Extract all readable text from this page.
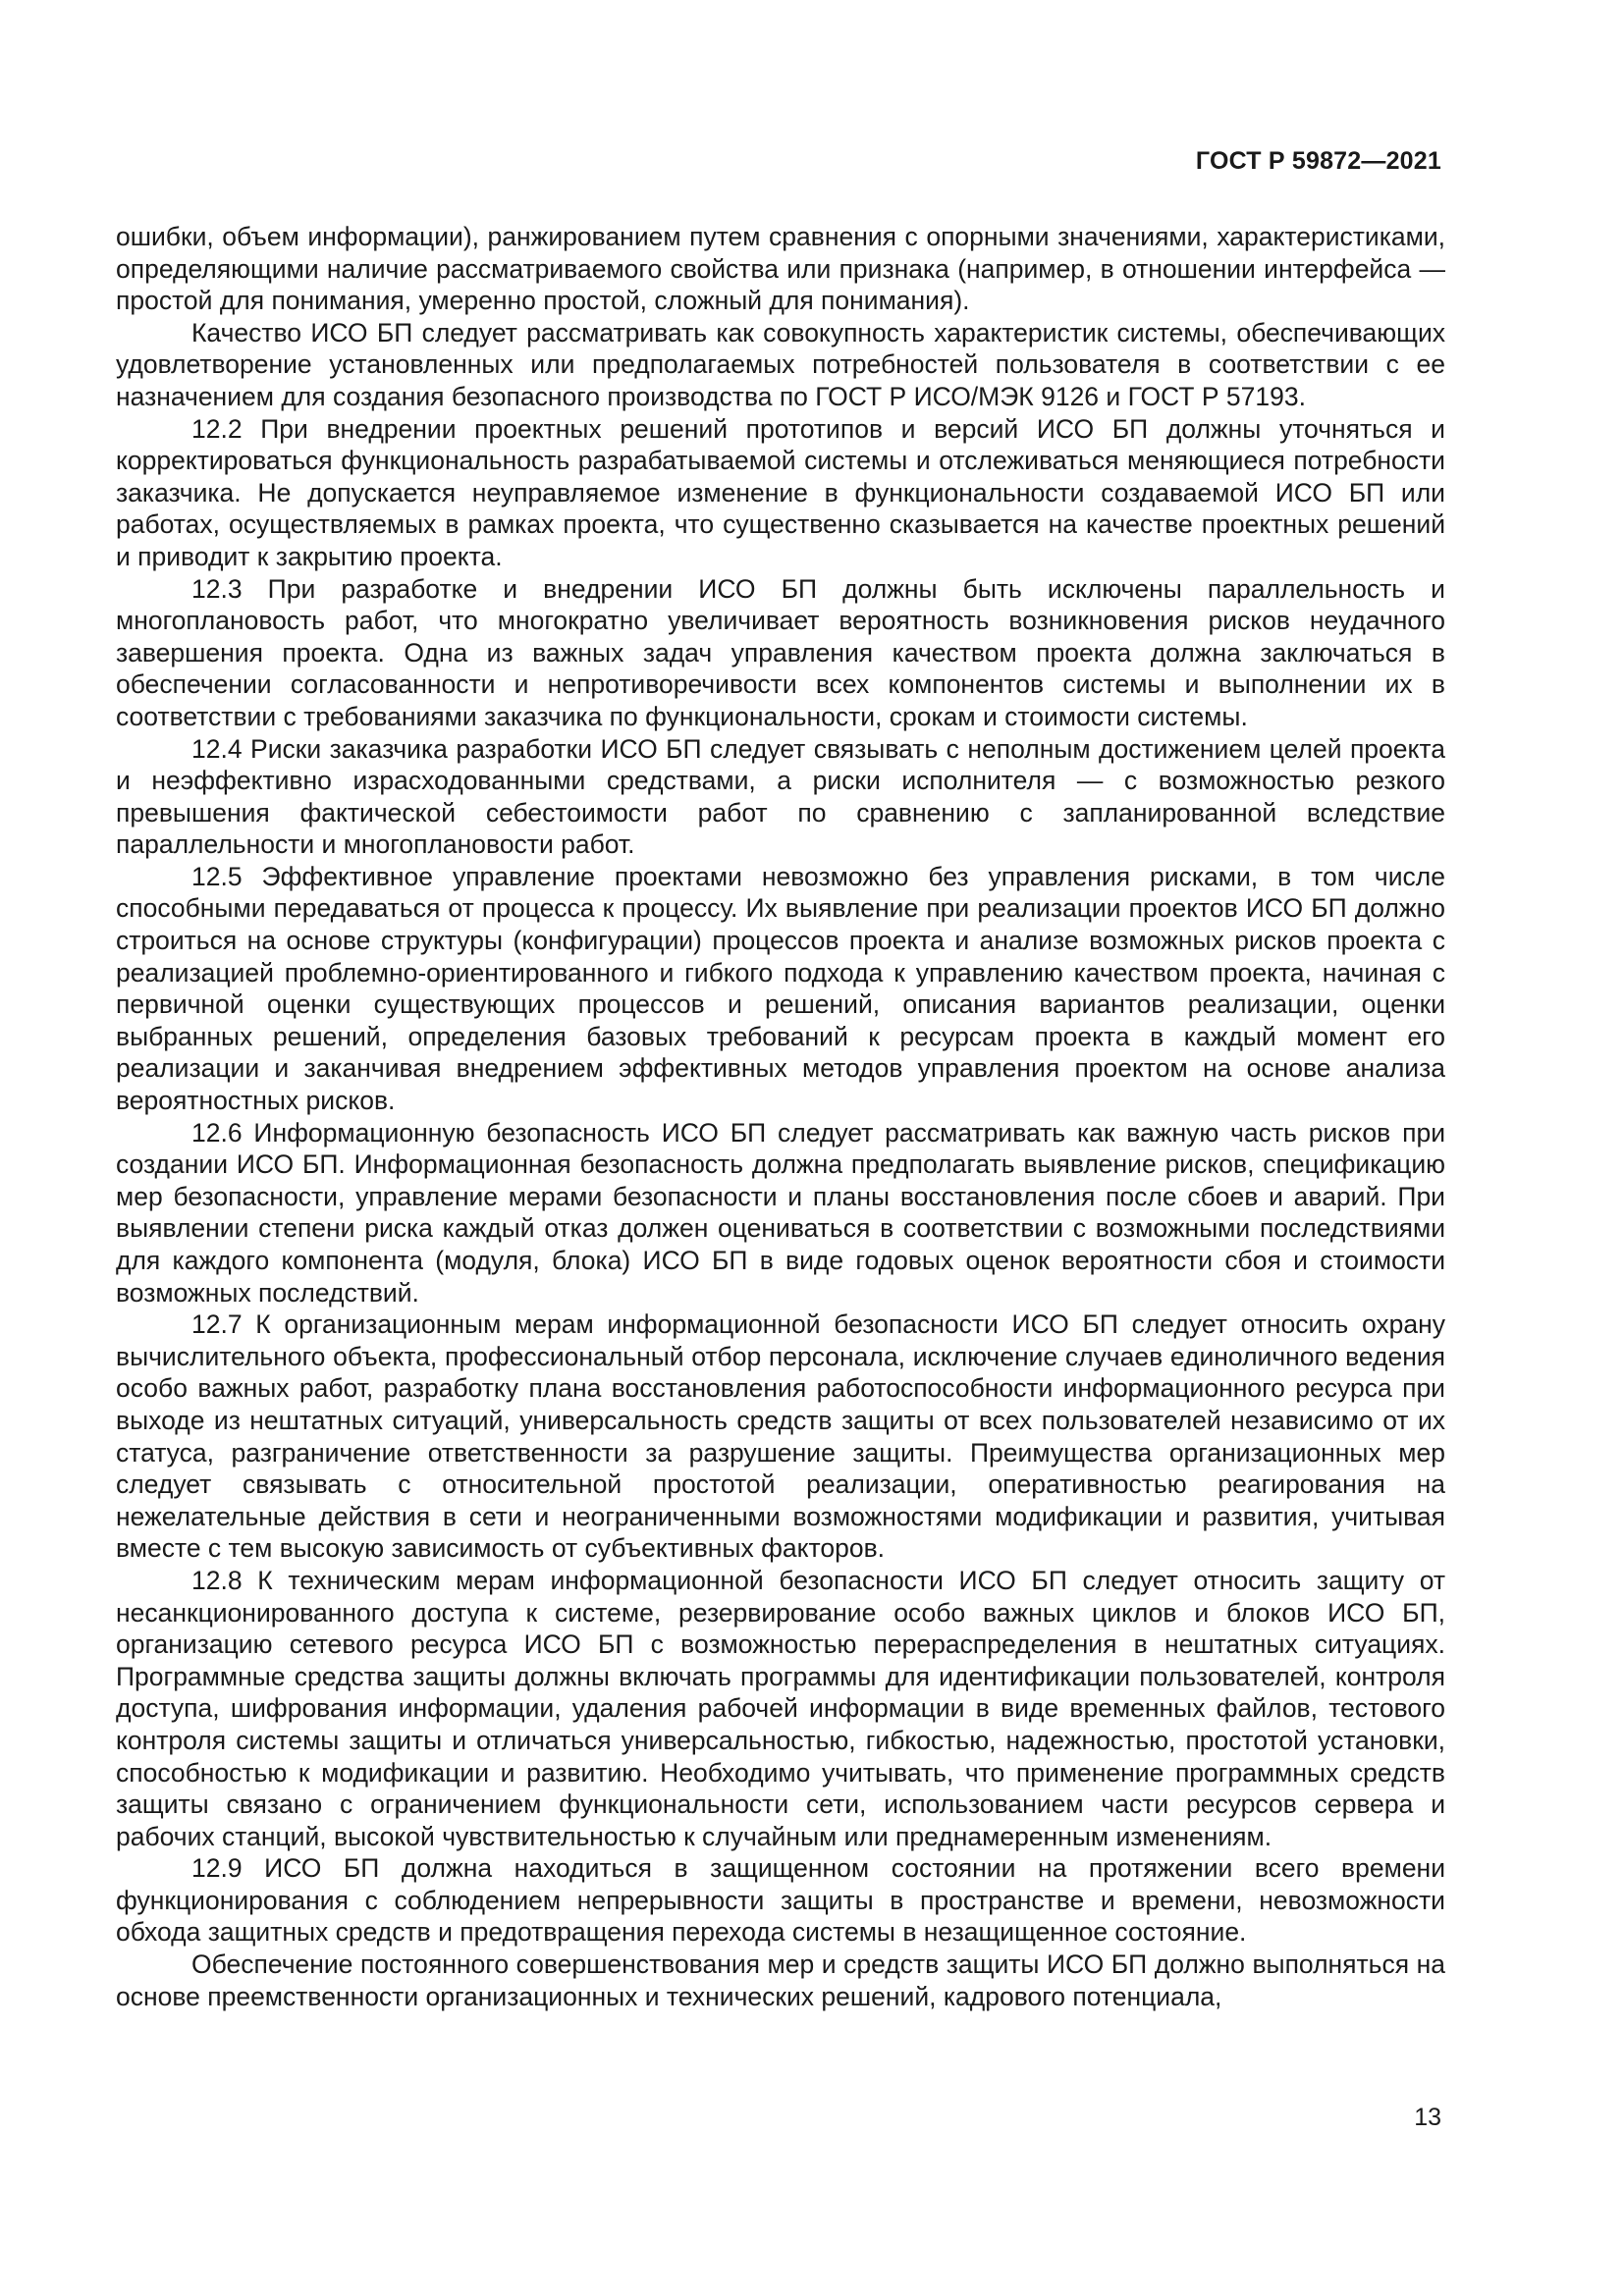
ГОСТ Р 59872—2021

ошибки, объем информации), ранжированием путем сравнения с опорными значениями, характеристиками, определяющими наличие рассматриваемого свойства или признака (например, в отношении интерфейса — простой для понимания, умеренно простой, сложный для понимания).

Качество ИСО БП следует рассматривать как совокупность характеристик системы, обеспечивающих удовлетворение установленных или предполагаемых потребностей пользователя в соответствии с ее назначением для создания безопасного производства по ГОСТ Р ИСО/МЭК 9126 и ГОСТ Р 57193.

12.2 При внедрении проектных решений прототипов и версий ИСО БП должны уточняться и корректироваться функциональность разрабатываемой системы и отслеживаться меняющиеся потребности заказчика. Не допускается неуправляемое изменение в функциональности создаваемой ИСО БП или работах, осуществляемых в рамках проекта, что существенно сказывается на качестве проектных решений и приводит к закрытию проекта.

12.3 При разработке и внедрении ИСО БП должны быть исключены параллельность и многоплановость работ, что многократно увеличивает вероятность возникновения рисков неудачного завершения проекта. Одна из важных задач управления качеством проекта должна заключаться в обеспечении согласованности и непротиворечивости всех компонентов системы и выполнении их в соответствии с требованиями заказчика по функциональности, срокам и стоимости системы.

12.4 Риски заказчика разработки ИСО БП следует связывать с неполным достижением целей проекта и неэффективно израсходованными средствами, а риски исполнителя — с возможностью резкого превышения фактической себестоимости работ по сравнению с запланированной вследствие параллельности и многоплановости работ.

12.5 Эффективное управление проектами невозможно без управления рисками, в том числе способными передаваться от процесса к процессу. Их выявление при реализации проектов ИСО БП должно строиться на основе структуры (конфигурации) процессов проекта и анализе возможных рисков проекта с реализацией проблемно-ориентированного и гибкого подхода к управлению качеством проекта, начиная с первичной оценки существующих процессов и решений, описания вариантов реализации, оценки выбранных решений, определения базовых требований к ресурсам проекта в каждый момент его реализации и заканчивая внедрением эффективных методов управления проектом на основе анализа вероятностных рисков.

12.6 Информационную безопасность ИСО БП следует рассматривать как важную часть рисков при создании ИСО БП. Информационная безопасность должна предполагать выявление рисков, спецификацию мер безопасности, управление мерами безопасности и планы восстановления после сбоев и аварий. При выявлении степени риска каждый отказ должен оцениваться в соответствии с возможными последствиями для каждого компонента (модуля, блока) ИСО БП в виде годовых оценок вероятности сбоя и стоимости возможных последствий.

12.7 К организационным мерам информационной безопасности ИСО БП следует относить охрану вычислительного объекта, профессиональный отбор персонала, исключение случаев единоличного ведения особо важных работ, разработку плана восстановления работоспособности информационного ресурса при выходе из нештатных ситуаций, универсальность средств защиты от всех пользователей независимо от их статуса, разграничение ответственности за разрушение защиты. Преимущества организационных мер следует связывать с относительной простотой реализации, оперативностью реагирования на нежелательные действия в сети и неограниченными возможностями модификации и развития, учитывая вместе с тем высокую зависимость от субъективных факторов.

12.8 К техническим мерам информационной безопасности ИСО БП следует относить защиту от несанкционированного доступа к системе, резервирование особо важных циклов и блоков ИСО БП, организацию сетевого ресурса ИСО БП с возможностью перераспределения в нештатных ситуациях. Программные средства защиты должны включать программы для идентификации пользователей, контроля доступа, шифрования информации, удаления рабочей информации в виде временных файлов, тестового контроля системы защиты и отличаться универсальностью, гибкостью, надежностью, простотой установки, способностью к модификации и развитию. Необходимо учитывать, что применение программных средств защиты связано с ограничением функциональности сети, использованием части ресурсов сервера и рабочих станций, высокой чувствительностью к случайным или преднамеренным изменениям.

12.9 ИСО БП должна находиться в защищенном состоянии на протяжении всего времени функционирования с соблюдением непрерывности защиты в пространстве и времени, невозможности обхода защитных средств и предотвращения перехода системы в незащищенное состояние.

Обеспечение постоянного совершенствования мер и средств защиты ИСО БП должно выполняться на основе преемственности организационных и технических решений, кадрового потенциала,

13
